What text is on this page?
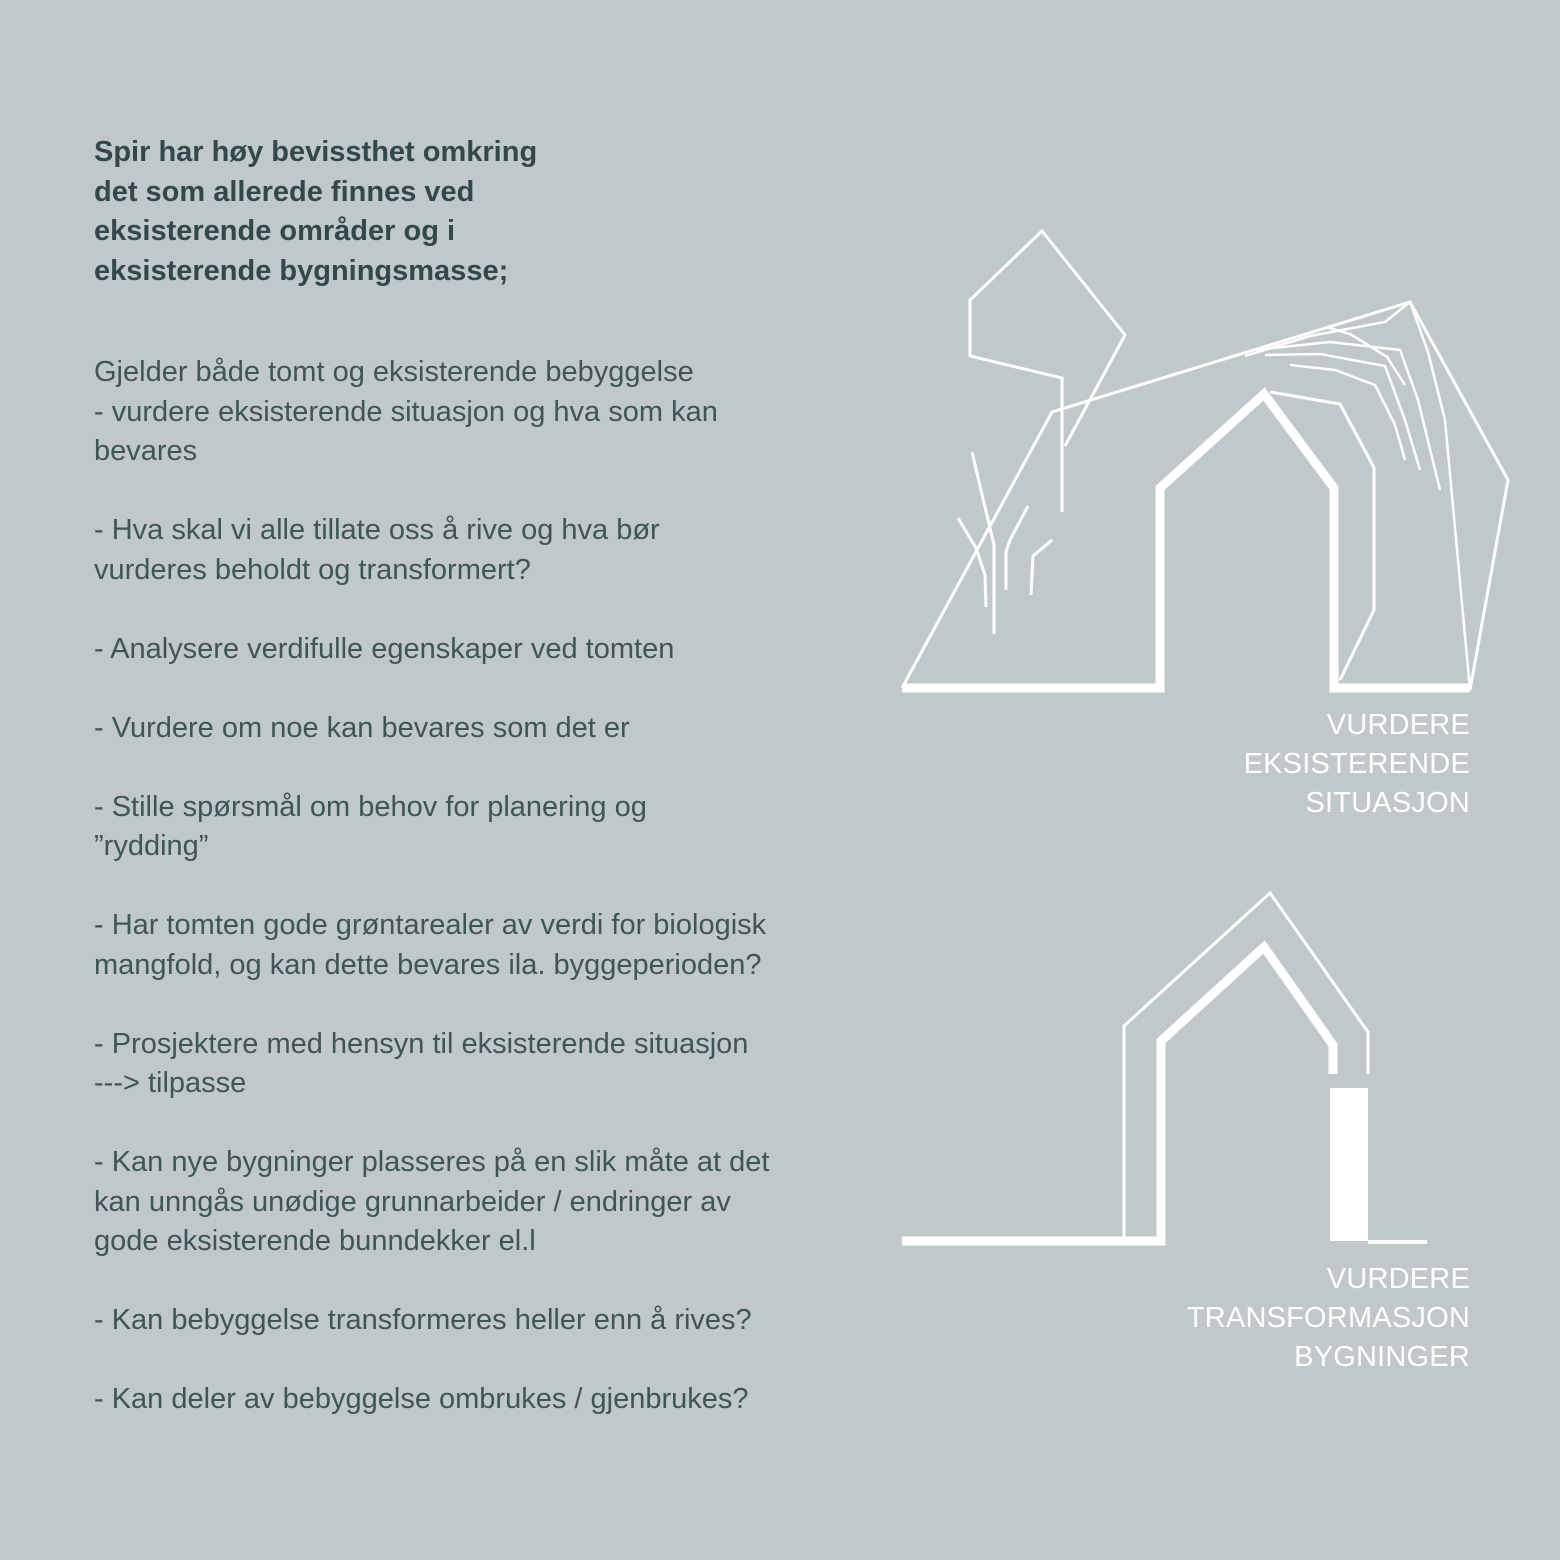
Spir har høy bevissthet omkring
det som allerede finnes ved
eksisterende områder og i
eksisterende bygningsmasse;

Gjelder både tomt og eksisterende bebyggelse
- vurdere eksisterende situasjon og hva som kan
bevares

- Hva skal vi alle tillate oss å rive og hva bør
vurderes beholdt og transformert?

- Analysere verdifulle egenskaper ved tomten

- Vurdere om noe kan bevares som det er

- Stille spørsmål om behov for planering og
”rydding”

- Har tomten gode grøntarealer av verdi for biologisk
mangfold, og kan dette bevares ila. byggeperioden?

- Prosjektere med hensyn til eksisterende situasjon
---> tilpasse

- Kan nye bygninger plasseres på en slik måte at det
kan unngås unødige grunnarbeider / endringer av
gode eksisterende bunndekker el.l

- Kan bebyggelse transformeres heller enn å rives?

- Kan deler av bebyggelse ombrukes / gjenbrukes?

VURDERE
EKSISTERENDE
SITUASJON
VURDERE
TRANSFORMASJON
BYGNINGER
